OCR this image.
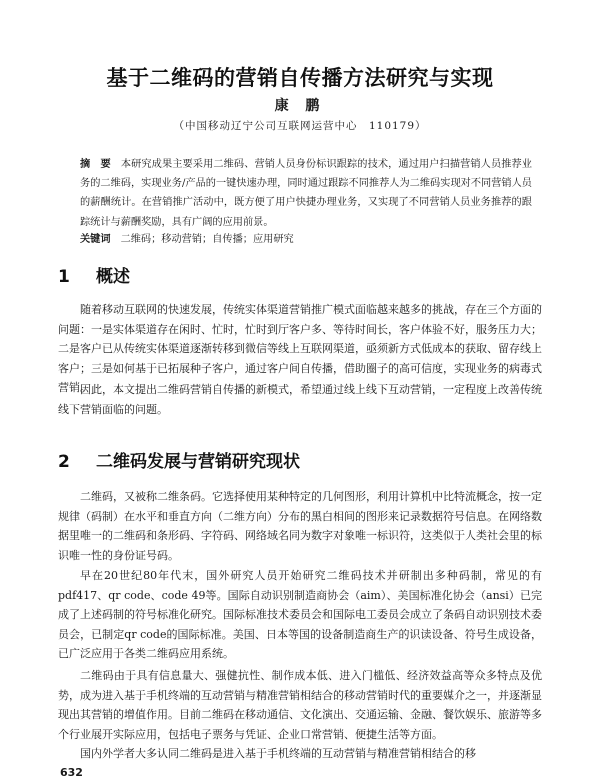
基于二维码的营销自传播方法研究与实现
康 鹏
（中国移动辽宁公司互联网运营中心　110179）
摘　要 本研究成果主要采用二维码、营销人员身份标识跟踪的技术，通过用户扫描营销人员推荐业务的二维码，实现业务/产品的一键快速办理，同时通过跟踪不同推荐人为二维码实现对不同营销人员的薪酬统计。在营销推广活动中，既方便了用户快捷办理业务，又实现了不同营销人员业务推荐的跟踪统计与薪酬奖励，具有广阔的应用前景。
关键词 二维码；移动营销；自传播；应用研究
1 概述

随着移动互联网的快速发展，传统实体渠道营销推广模式面临越来越多的挑战，存在三个方面的问题：一是实体渠道存在闲时、忙时，忙时到厅客户多、等待时间长，客户体验不好，服务压力大；二是客户已从传统实体渠道逐渐转移到微信等线上互联网渠道，亟须新方式低成本的获取、留存线上客户；三是如何基于已拓展种子客户，通过客户间自传播，借助圈子的高可信度，实现业务的病毒式营销。

因此，本文提出二维码营销自传播的新模式，希望通过线上线下互动营销，一定程度上改善传统线下营销面临的问题。

2 二维码发展与营销研究现状

二维码，又被称二维条码。它选择使用某种特定的几何图形，利用计算机中比特流概念，按一定规律（码制）在水平和垂直方向（二维方向）分布的黑白相间的图形来记录数据符号信息。在网络数据里唯一的二维码和条形码、字符码、网络域名同为数字对象唯一标识符，这类似于人类社会里的标识唯一性的身份证号码。

早在20世纪80年代末，国外研究人员开始研究二维码技术并研制出多种码制，常见的有pdf417、qr code、code 49等。国际自动识别制造商协会（aim）、美国标准化协会（ansi）已完成了上述码制的符号标准化研究。国际标准技术委员会和国际电工委员会成立了条码自动识别技术委员会，已制定qr code的国际标准。美国、日本等国的设备制造商生产的识读设备、符号生成设备，已广泛应用于各类二维码应用系统。

二维码由于具有信息量大、强健抗性、制作成本低、进入门槛低、经济效益高等众多特点及优势，成为进入基于手机终端的互动营销与精准营销相结合的移动营销时代的重要媒介之一，并逐渐显现出其营销的增值作用。目前二维码在移动通信、文化演出、交通运输、金融、餐饮娱乐、旅游等多个行业展开实际应用，包括电子票务与凭证、企业口常营销、便捷生活等方面。

国内外学者大多认同二维码是进入基于手机终端的互动营销与精准营销相结合的移

632
